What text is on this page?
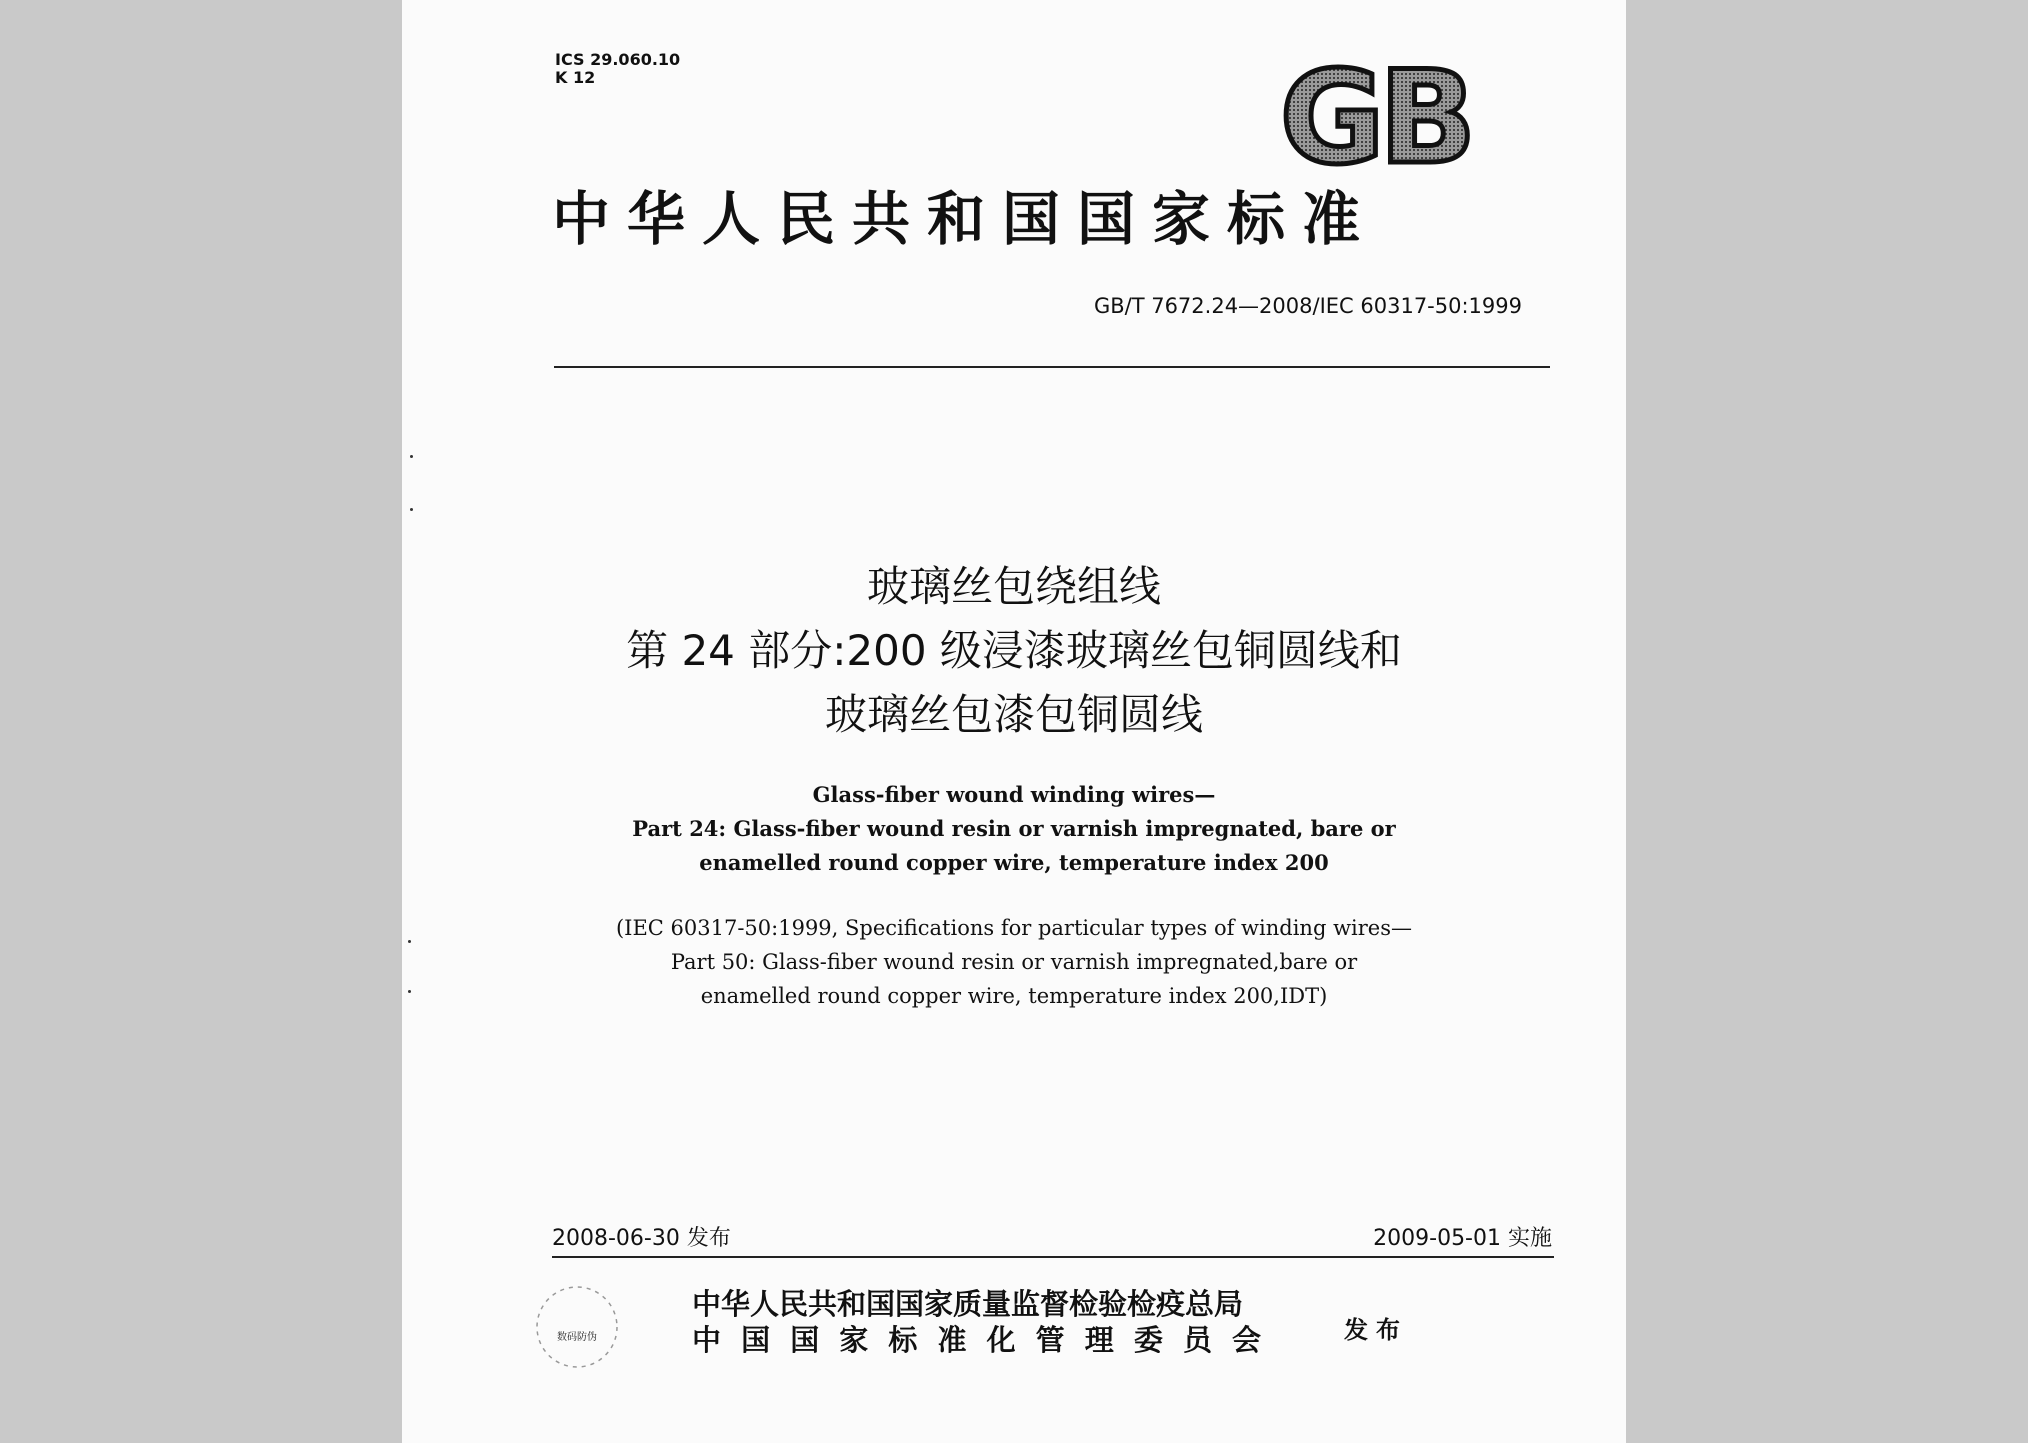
ICS 29.060.10
K 12	GB
中华人民共和国国家标准
GB/T 7672.24—2008/IEC 60317-50:1999
玻璃丝包绕组线
第 24 部分:200 级浸漆玻璃丝包铜圆线和
玻璃丝包漆包铜圆线
Glass-fiber wound winding wires—
Part 24: Glass-fiber wound resin or varnish impregnated, bare or
enamelled round copper wire, temperature index 200
(IEC 60317-50:1999, Specifications for particular types of winding wires—
Part 50: Glass-fiber wound resin or varnish impregnated,bare or
enamelled round copper wire, temperature index 200,IDT)
2008-06-30 发布	2009-05-01 实施
数码防伪
中华人民共和国国家质量监督检验检疫总局
中 国 国 家 标 准 化 管 理 委 员 会	发布
